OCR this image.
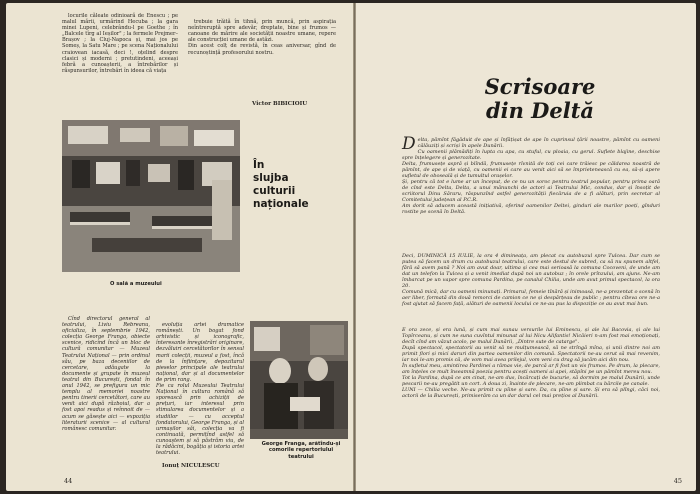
locurile căleate odinioară de Enescu ; pe malul mării, urmărind Hecuba ; la gara minei Lupeni, celebrându-l pe Goethe ; în „Balcele tîrg al Ieșilor" ; la fermele Prejmer–Brașov ; la Cluj-Napoca și, mai jos pe Someș, la Satu Mare ; pe scena Naționalului craiovean iacasă, deci !, oțelind despre clasici și moderni ; pretutindeni, aceeași febră a cunoașterii, a întrebărilor și răspunsurilor, întrebări în ideea că viața

trebuie trăită în tihnă, prin muncă, prin aspirația neîntreruptă spre adevăr, dreptate, bine și frumos — canoane de mărire ale societății noastre umane, repere ale construcției umane de astăzi.
Din acest colț de revistă, în ceas aniversar, gînd de recunoștință profesorului nostru.

Victor BIBICIOIU
O sală a muzeului
În
slujba
culturii
naționale

Cînd directorul general al teatrului, Liviu Rebreanu, oficializa, în septembrie 1942, colecția George Franga, obiecte scenice, ridicînd încă un bloc de cultură comunitar — Muzeul Teatrului Național — prin ordinul său, pe baza deceniilor de cercetare, adăugate la documente și grupate în muzeul teatral din București, fondat în anul 1942, se prefigura un mic templu al memoriei noastre pentru tinerii cercetători, care au venit aici după războiul, dar a fost apoi readus și reînnoit de — acum se găsește aici — expoziția literaturii scenice — al cultural românesc comunitar.

evoluția artei dramatice românești. Un bogat fond arhivistic și iconografic, înteresante înregistrări originare, dezvăluiri cercetătorilor în sensul marii colecții, muzeul a fost, încă de la înființare, depozitarul pieselor principale ale teatrului național, dar și al documentelor de prim rang.
Fie ca rolul Muzeului Teatrului Național în cultura română să sporească prin achiziții de prețuri, iar interesul prin stimularea documentelor și a studiilor — cu acceptul fondatorului, George Franga, și al urmașilor săi, colecția va fi continuată, permițînd astfel să cunoaștem și să păstrăm viu, de la rădăcini, bogăția și istoria artei teatrului.

Ionuț NICULESCU
George Franga, arătîndu-și comorile repertoriului teatrului
44
Scrisoare
din Deltă

Delta, pămînt făgăduit de ape și înfățișat de ape în cuprinsul țării noastre, pămînt cu oameni călăuziți și scriși în apele Dunării.
Cu oamenii plămădiți în lupta cu apa, cu stuful, cu ploaia, cu gerul. Suflete blajine, deschise spre înțelegere și generozitate.
Delta, frumusețe aspră și blîndă, frumusețe rîvnită de toți cei care trăiesc pe căldarea noastră de pămînt, de ape și de viață, cu oamenii ei care au venit aici să se împrietenească cu ea, să-și apere sufletul de oboseală și de tumultul orașelor.
Și, pentru că tot e lume ar un început, de ce nu un soroc pentru teatrul popular, pentru prima oară de cînd este Delta, Delta, a unui mănunchi de actori ai Teatrului Mic, condus, dar și însoțit de scriitorul Dinu Săraru, răspunzînd astfel generozității fiecăruia de a fi alături, prin secretar al Comitetului județean al P.C.R.
Am dorit să aducem această inițiativă, oferind oamenilor Deltei, ginduri ale marilor poeți, gînduri rostite pe scenă în Deltă.

Deci, DUMINICĂ 15 IULIE, la ora 4 dimineața, am plecat cu autobuzul spre Tulcea. Dar cum se putea să facem un drum cu autobuzul teatrului, care este destul de subred, ca să nu spunem altfel, fără să avem pană ? Noi am avut doar, ultima și cea mai serioasă la comuna Cocoveni, de unde am dat un telefon la Tulcea și a venit imediat după noi un autobuz ; în orele prînzului, am ajuns. Ne-am îmbarcat pe un vapor spre comuna Pardina, pe canalul Chilia, unde am avut primul spectacol, la ora 20.
Comună mică, dar cu oameni minunați. Primarul, femeie tînără și inimoasă, ne-a prezentat o scenă în aer liber, formată din două remorci de camion ce ne și despărțeau de public ; pentru cîteva ore ne-a fost ajutat să facem față, alături de oamenii locului ce ne-au pus la dispoziție ce au avut mai bun.

E ora zece, și era lună, și cum mai sunau versurile lui Eminescu, și ale lui Bacovia, și ale lui Topîrceanu, și cum ne suna cuvîntul minunat al lui Nicu Alifantis! Nicăieri n-am fost mai emoționați, decît cînd am văzut acolo, pe malul Dunării, „Dintre sute de catarge".
După spectacol, spectatorii au venit să ne mulțumească, să ne strîngă mîna, și unii dintre noi am primit flori și mici daruri din partea oamenilor din comună. Spectatorii ne-au cerut să mai revenim, iar noi le-am promis că, de vom mai avea prilejul, vom veni cu drag să jucăm aici din nou.
În sufletul meu, amintirea Pardinei a rămas vie, de parcă ar fi fost un vis frumos. Pe drum, la plecare, am înțeles ce mult înseamnă poezia pentru acești oameni ai apei, stăpîni pe un pămînt mereu nou.
Tot la Pardina, după ce am cinat, ne-am dus, încărcați de bucurie, să dormim pe malul Dunării, unde pescarii ne-au pregătit un cort. A doua zi, înainte de plecare, ne-am plimbat cu bărcile pe canale.
LUNI — Chilia veche. Ne-au primit cu pîine și sare. Da, cu pîine și sare. Și era să plîngi, căci noi, actorii de la București, primiserăm ca un dar darul cel mai prețios al Dunării.

45
